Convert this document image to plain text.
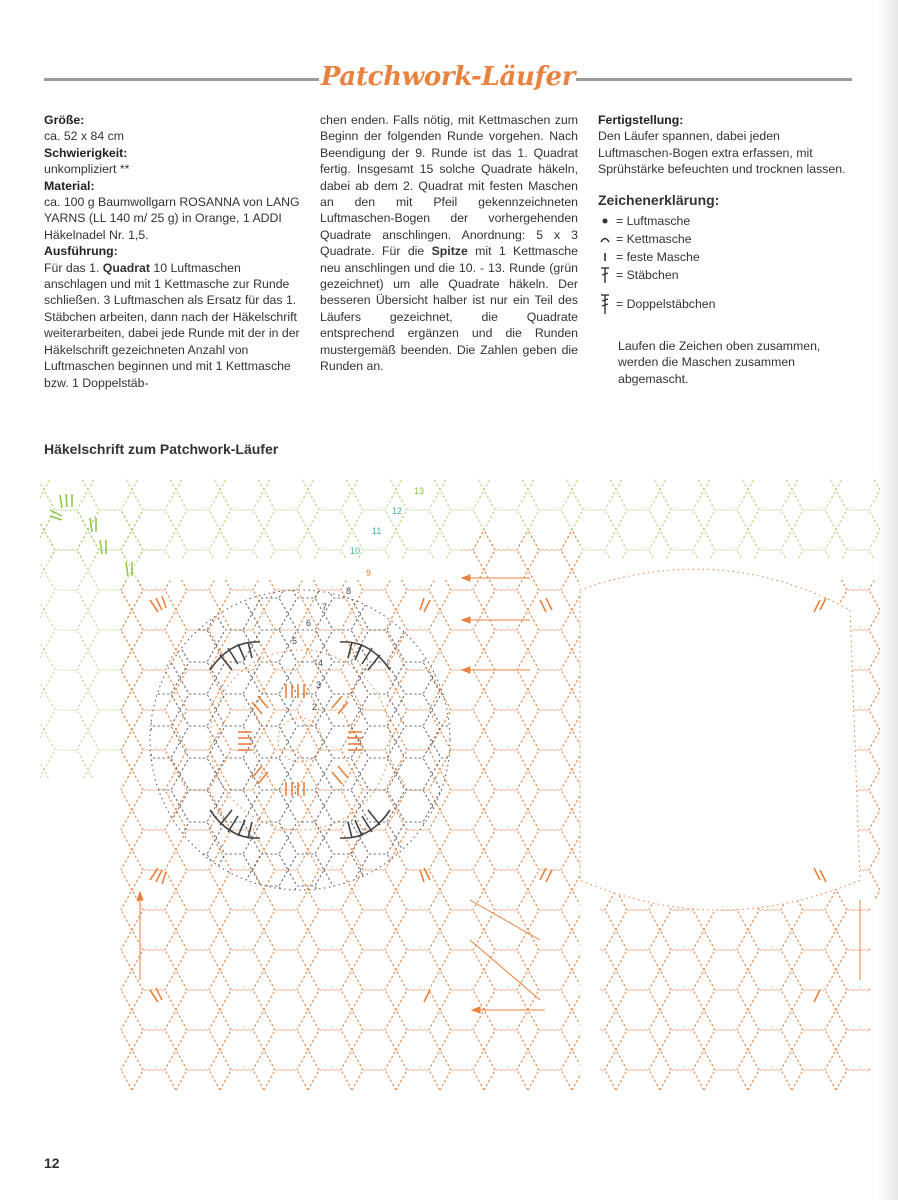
Patchwork-Läufer
Größe:
ca. 52 x 84 cm
Schwierigkeit:
unkompliziert **
Material:
ca. 100 g Baumwollgarn ROSANNA von LANG YARNS (LL 140 m/ 25 g) in Orange, 1 ADDI Häkelnadel Nr. 1,5.
Ausführung:
Für das 1. Quadrat 10 Luftmaschen anschlagen und mit 1 Kettmasche zur Runde schließen. 3 Luftmaschen als Ersatz für das 1. Stäbchen arbeiten, dann nach der Häkelschrift weiterarbeiten, dabei jede Runde mit der in der Häkelschrift gezeichneten Anzahl von Luftmaschen beginnen und mit 1 Kettmasche bzw. 1 Doppelstäb-
chen enden. Falls nötig, mit Kettmaschen zum Beginn der folgenden Runde vorgehen. Nach Beendigung der 9. Runde ist das 1. Quadrat fertig. Insgesamt 15 solche Quadrate häkeln, dabei ab dem 2. Quadrat mit festen Maschen an den mit Pfeil gekennzeichneten Luftmaschen-Bogen der vorhergehenden Quadrate anschlingen. Anordnung: 5 x 3 Quadrate. Für die Spitze mit 1 Kettmasche neu anschlingen und die 10. - 13. Runde (grün gezeichnet) um alle Quadrate häkeln. Der besseren Übersicht halber ist nur ein Teil des Läufers gezeichnet, die Quadrate entsprechend ergänzen und die Runden mustergemäß beenden. Die Zahlen geben die Runden an.
Fertigstellung:
Den Läufer spannen, dabei jeden Luftmaschen-Bogen extra erfassen, mit Sprühstärke befeuchten und trocknen lassen.
Zeichenerklärung:
= Luftmasche
= Kettmasche
= feste Masche
= Stäbchen
= Doppelstäbchen
Laufen die Zeichen oben zusammen, werden die Maschen zusammen abgemascht.
Häkelschrift zum Patchwork-Läufer
2
3
4
5
6
7
8
9
10
11
12
13
12
